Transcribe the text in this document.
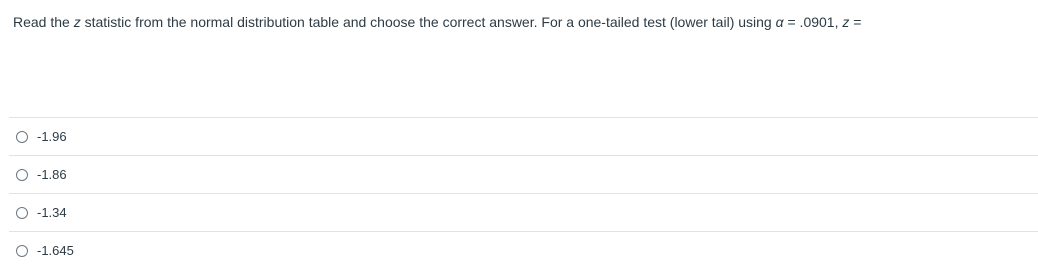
Read the z statistic from the normal distribution table and choose the correct answer. For a one-tailed test (lower tail) using α = .0901, z =
-1.96
-1.86
-1.34
-1.645
